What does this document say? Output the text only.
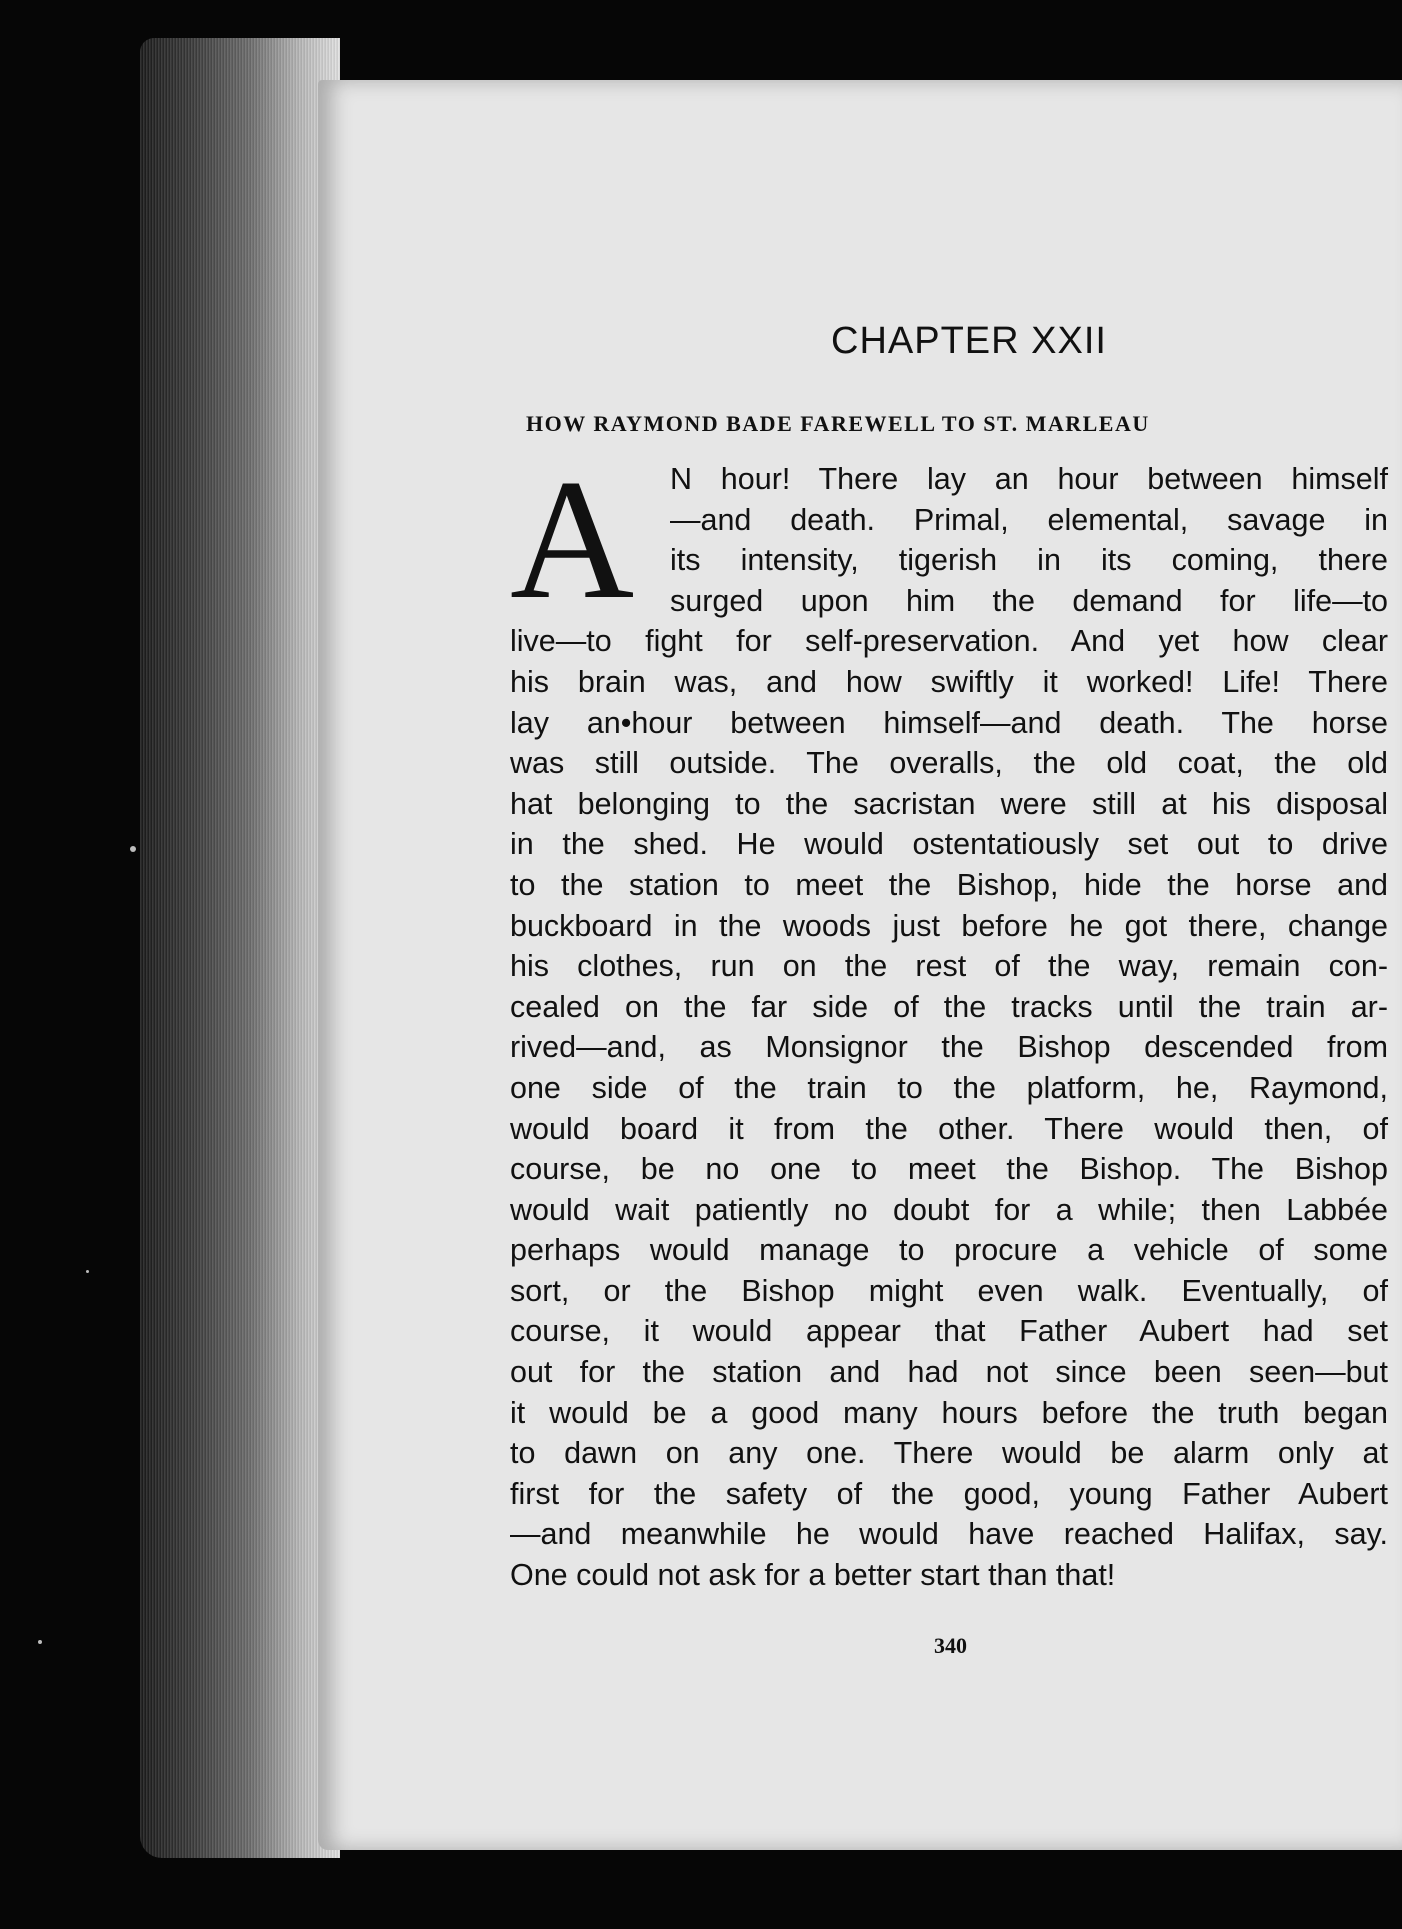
CHAPTER XXII
HOW RAYMOND BADE FAREWELL TO ST. MARLEAU
A	N hour! There lay an hour between himself
—and death. Primal, elemental, savage in
its intensity, tigerish in its coming, there
surged upon him the demand for life—to
live—to fight for self-preservation. And yet how clear
his brain was, and how swiftly it worked! Life! There
lay an•hour between himself—and death. The horse
was still outside. The overalls, the old coat, the old
hat belonging to the sacristan were still at his disposal
in the shed. He would ostentatiously set out to drive
to the station to meet the Bishop, hide the horse and
buckboard in the woods just before he got there, change
his clothes, run on the rest of the way, remain con-
cealed on the far side of the tracks until the train ar-
rived—and, as Monsignor the Bishop descended from
one side of the train to the platform, he, Raymond,
would board it from the other. There would then, of
course, be no one to meet the Bishop. The Bishop
would wait patiently no doubt for a while; then Labbée
perhaps would manage to procure a vehicle of some
sort, or the Bishop might even walk. Eventually, of
course, it would appear that Father Aubert had set
out for the station and had not since been seen—but
it would be a good many hours before the truth began
to dawn on any one. There would be alarm only at
first for the safety of the good, young Father Aubert
—and meanwhile he would have reached Halifax, say.
One could not ask for a better start than that!
340
